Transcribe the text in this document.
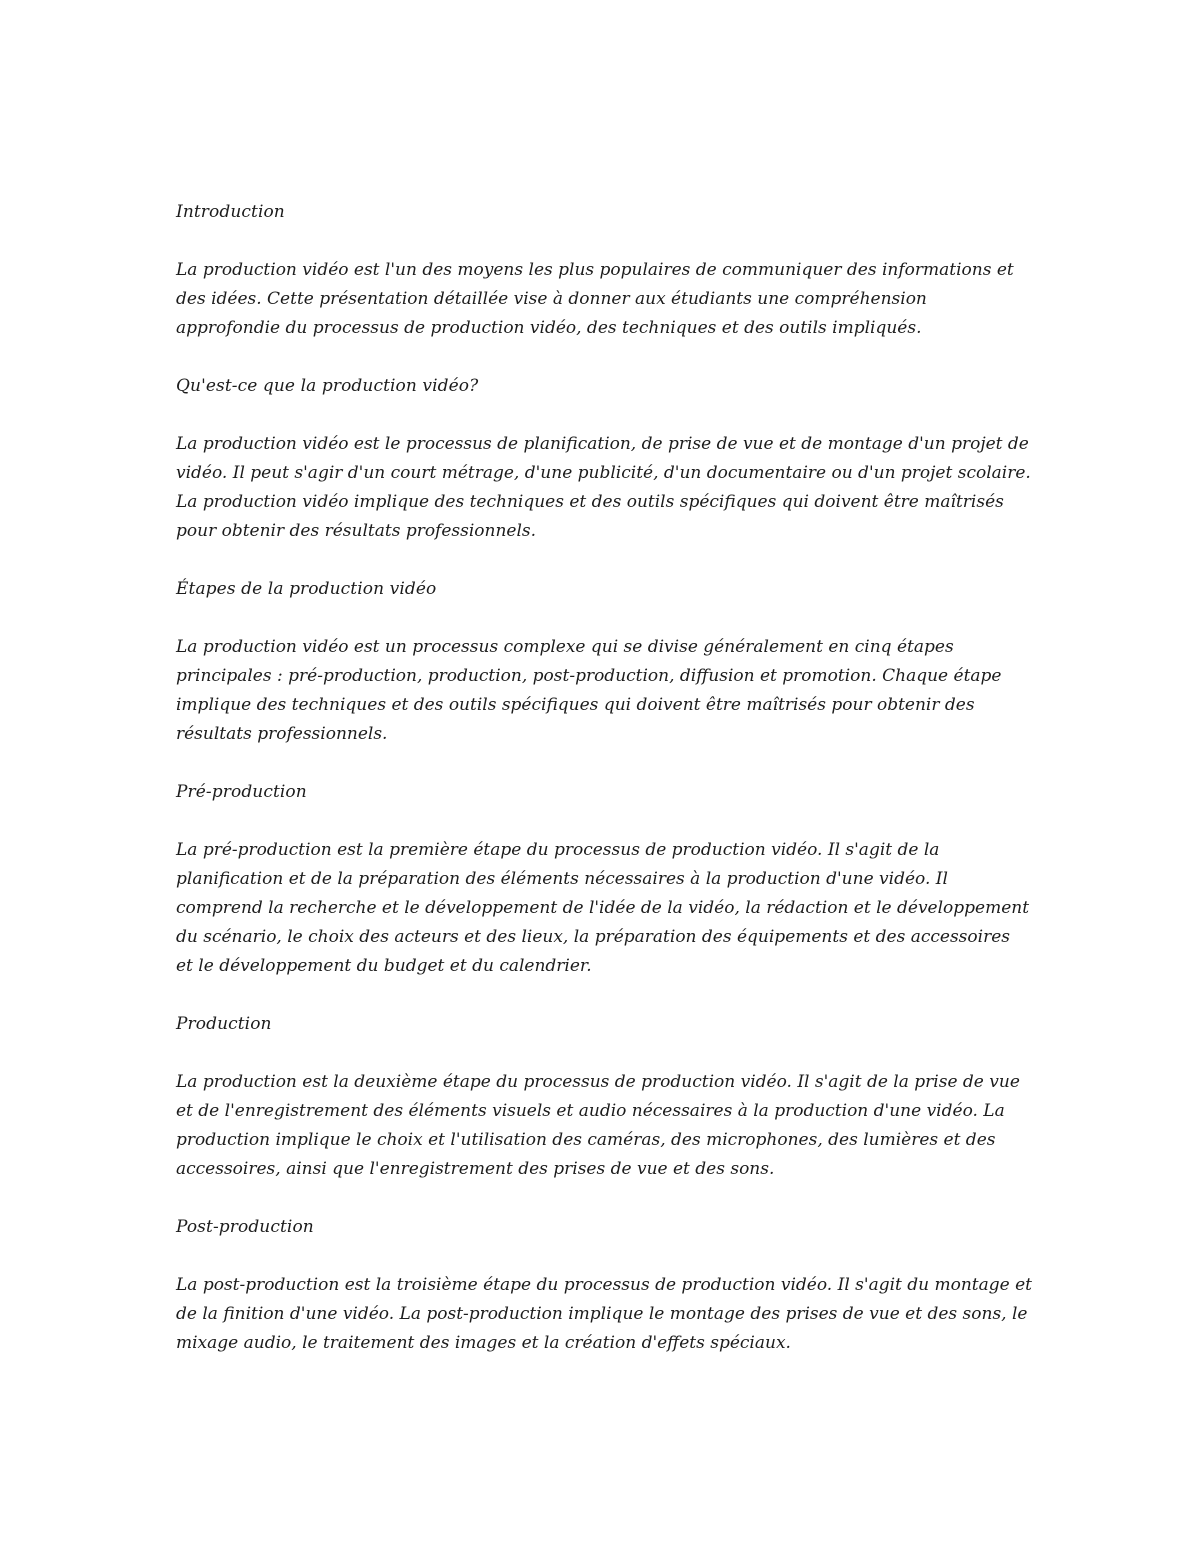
Introduction

La production vidéo est l'un des moyens les plus populaires de communiquer des informations et des idées. Cette présentation détaillée vise à donner aux étudiants une compréhension approfondie du processus de production vidéo, des techniques et des outils impliqués.

Qu'est-ce que la production vidéo?

La production vidéo est le processus de planification, de prise de vue et de montage d'un projet de vidéo. Il peut s'agir d'un court métrage, d'une publicité, d'un documentaire ou d'un projet scolaire. La production vidéo implique des techniques et des outils spécifiques qui doivent être maîtrisés pour obtenir des résultats professionnels.

Étapes de la production vidéo

La production vidéo est un processus complexe qui se divise généralement en cinq étapes principales : pré-production, production, post-production, diffusion et promotion. Chaque étape implique des techniques et des outils spécifiques qui doivent être maîtrisés pour obtenir des résultats professionnels.

Pré-production

La pré-production est la première étape du processus de production vidéo. Il s'agit de la planification et de la préparation des éléments nécessaires à la production d'une vidéo. Il comprend la recherche et le développement de l'idée de la vidéo, la rédaction et le développement du scénario, le choix des acteurs et des lieux, la préparation des équipements et des accessoires et le développement du budget et du calendrier.

Production

La production est la deuxième étape du processus de production vidéo. Il s'agit de la prise de vue et de l'enregistrement des éléments visuels et audio nécessaires à la production d'une vidéo. La production implique le choix et l'utilisation des caméras, des microphones, des lumières et des accessoires, ainsi que l'enregistrement des prises de vue et des sons.

Post-production

La post-production est la troisième étape du processus de production vidéo. Il s'agit du montage et de la finition d'une vidéo. La post-production implique le montage des prises de vue et des sons, le mixage audio, le traitement des images et la création d'effets spéciaux.
